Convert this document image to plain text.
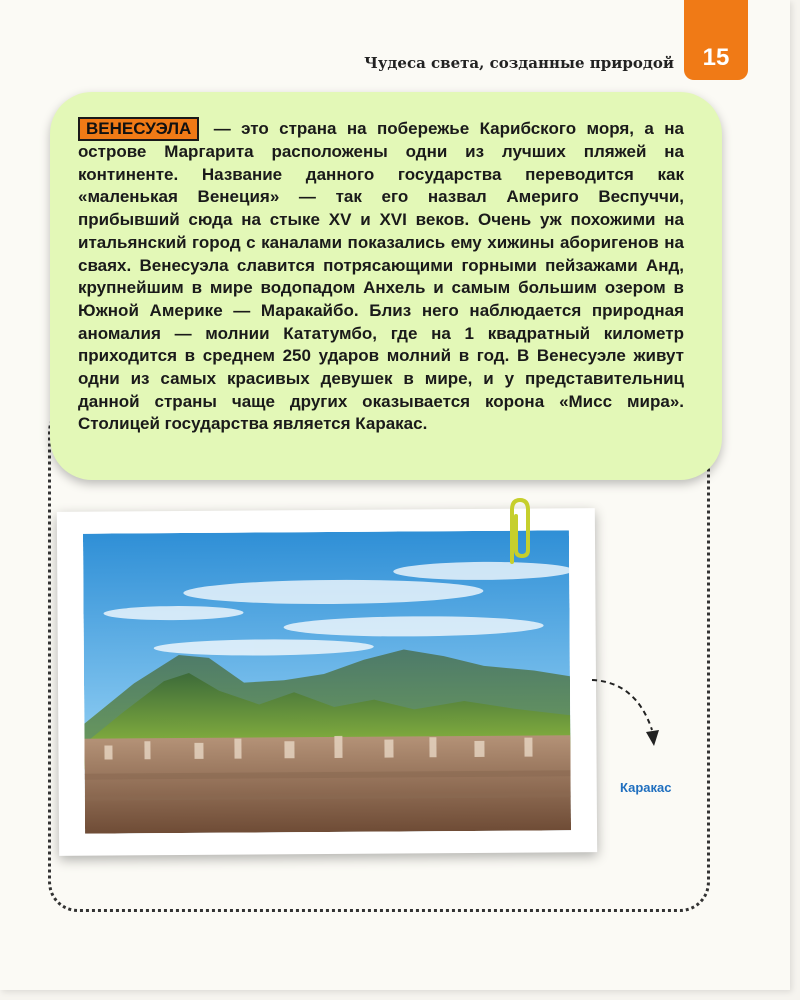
15
Чудеса света, созданные природой
ВЕНЕСУЭЛА — это страна на побережье Карибского моря, а на острове Маргарита расположены одни из лучших пляжей на континенте. Название данного государства переводится как «маленькая Венеция» — так его назвал Америго Веспуччи, прибывший сюда на стыке XV и XVI веков. Очень уж похожими на итальянский город с каналами показались ему хижины аборигенов на сваях. Венесуэла славится потрясающими горными пейзажами Анд, крупнейшим в мире водопадом Анхель и самым большим озером в Южной Америке — Маракайбо. Близ него наблюдается природная аномалия — молнии Кататумбо, где на 1 квадратный километр приходится в среднем 250 ударов молний в год. В Венесуэле живут одни из самых красивых девушек в мире, и у представительниц данной страны чаще других оказывается корона «Мисс мира». Столицей государства является Каракас.
Каракас
